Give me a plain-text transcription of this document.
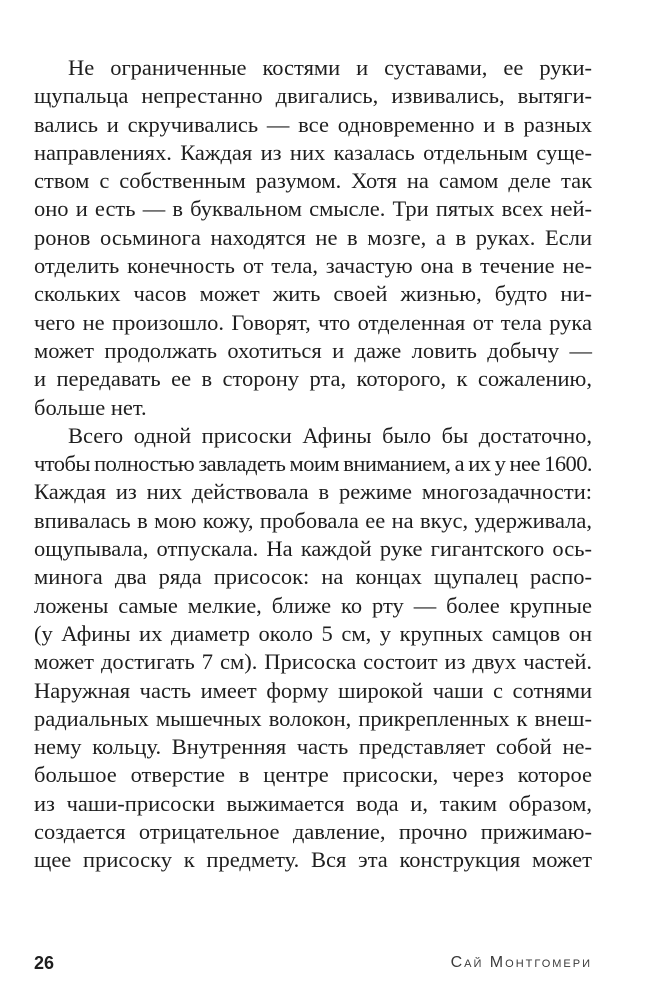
Не ограниченные костями и суставами, ее руки-
щупальца непрестанно двигались, извивались, вытяги-
вались и скручивались — все одновременно и в разных
направлениях. Каждая из них казалась отдельным суще-
ством с собственным разумом. Хотя на самом деле так
оно и есть — в буквальном смысле. Три пятых всех ней-
ронов осьминога находятся не в мозге, а в руках. Если
отделить конечность от тела, зачастую она в течение не-
скольких часов может жить своей жизнью, будто ни-
чего не произошло. Говорят, что отделенная от тела рука
может продолжать охотиться и даже ловить добычу —
и передавать ее в сторону рта, которого, к сожалению,
больше нет.
Всего одной присоски Афины было бы достаточно,
чтобы полностью завладеть моим вниманием, а их у нее 1600.
Каждая из них действовала в режиме многозадачности:
впивалась в мою кожу, пробовала ее на вкус, удерживала,
ощупывала, отпускала. На каждой руке гигантского ось-
минога два ряда присосок: на концах щупалец распо-
ложены самые мелкие, ближе ко рту — более крупные
(у Афины их диаметр около 5 см, у крупных самцов он
может достигать 7 см). Присоска состоит из двух частей.
Наружная часть имеет форму широкой чаши с сотнями
радиальных мышечных волокон, прикрепленных к внеш-
нему кольцу. Внутренняя часть представляет собой не-
большое отверстие в центре присоски, через которое
из чаши-присоски выжимается вода и, таким образом,
создается отрицательное давление, прочно прижимаю-
щее присоску к предмету. Вся эта конструкция может
26	Сай Монтгомери
